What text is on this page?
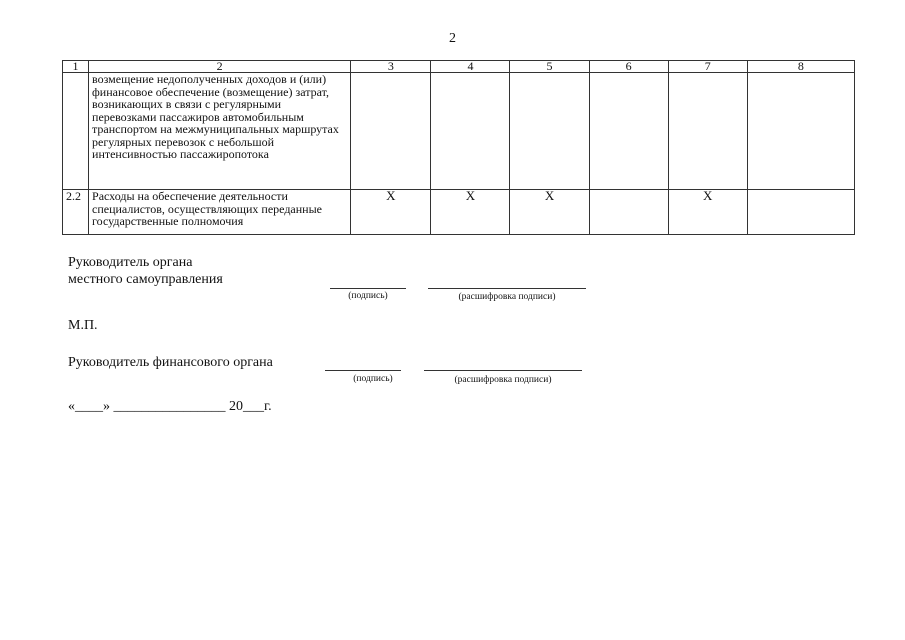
2
1	2	3	4	5	6	7	8
	возмещение недополученных доходов и (или) финансовое обеспечение (возмещение) затрат, возникающих в связи с регулярными перевозками пассажиров автомобильным транспортом на межмуниципальных маршрутах регулярных перевозок с небольшой интенсивностью пассажиропотока						
2.2	Расходы на обеспечение деятельности специалистов, осуществляющих переданные государственные полномочия	X	X	X		X	
Руководитель органа
местного самоуправления
(подпись)	(расшифровка подписи)
М.П.
Руководитель финансового органа
(подпись)	(расшифровка подписи)
«____» ________________ 20___г.
